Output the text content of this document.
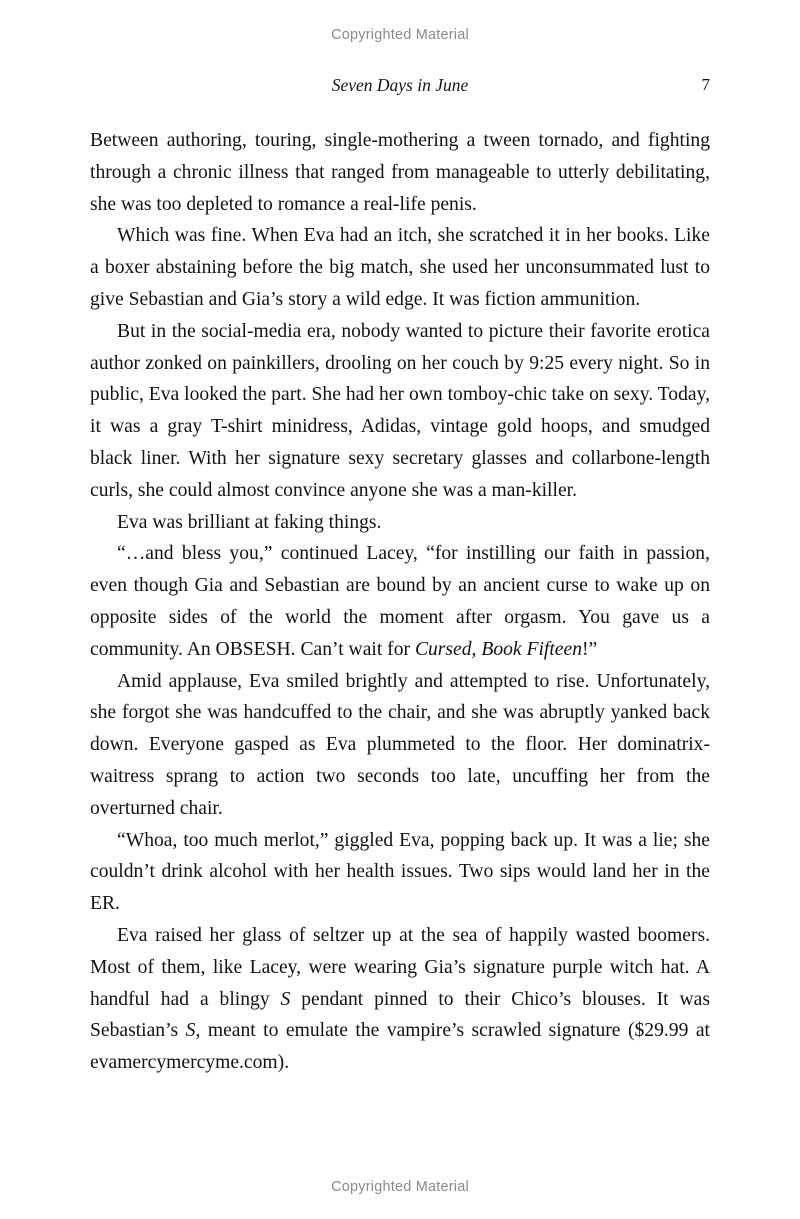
Copyrighted Material
Seven Days in June	7

Between authoring, touring, single-mothering a tween tornado, and fighting through a chronic illness that ranged from manageable to utterly debilitating, she was too depleted to romance a real-life penis.

Which was fine. When Eva had an itch, she scratched it in her books. Like a boxer abstaining before the big match, she used her unconsummated lust to give Sebastian and Gia’s story a wild edge. It was fiction ammunition.

But in the social-media era, nobody wanted to picture their favorite erotica author zonked on painkillers, drooling on her couch by 9:25 every night. So in public, Eva looked the part. She had her own tomboy-chic take on sexy. Today, it was a gray T-shirt minidress, Adidas, vintage gold hoops, and smudged black liner. With her signature sexy secretary glasses and collarbone-length curls, she could almost convince anyone she was a man-killer.

Eva was brilliant at faking things.

“…and bless you,” continued Lacey, “for instilling our faith in passion, even though Gia and Sebastian are bound by an ancient curse to wake up on opposite sides of the world the moment after orgasm. You gave us a community. An OBSESH. Can’t wait for Cursed, Book Fifteen!”

Amid applause, Eva smiled brightly and attempted to rise. Unfortunately, she forgot she was handcuffed to the chair, and she was abruptly yanked back down. Everyone gasped as Eva plummeted to the floor. Her dominatrix-waitress sprang to action two seconds too late, uncuffing her from the overturned chair.

“Whoa, too much merlot,” giggled Eva, popping back up. It was a lie; she couldn’t drink alcohol with her health issues. Two sips would land her in the ER.

Eva raised her glass of seltzer up at the sea of happily wasted boomers. Most of them, like Lacey, were wearing Gia’s signature purple witch hat. A handful had a blingy S pendant pinned to their Chico’s blouses. It was Sebastian’s S, meant to emulate the vampire’s scrawled signature ($29.99 at evamercymercyme.com).

Copyrighted Material
